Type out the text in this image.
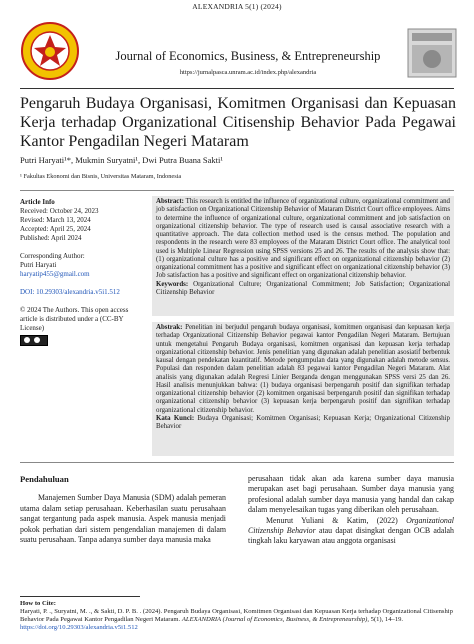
ALEXANDRIA 5(1) (2024)
Journal of Economics, Business, & Entrepreneurship
https://jurnalpasca.unram.ac.id/index.php/alexandria
Pengaruh Budaya Organisasi, Komitmen Organisasi dan Kepuasan Kerja terhadap Organizational Citisenship Behavior Pada Pegawai Kantor Pengadilan Negeri Mataram
Putri Haryati¹*, Mukmin Suryatni¹, Dwi Putra Buana Sakti¹
¹ Fakultas Ekonomi dan Bisnis, Universitas Mataram, Indonesia
Article Info
Received: October 24, 2023
Revised: March 13, 2024
Accepted: April 25, 2024
Published: April 2024
Corresponding Author:
Putri Haryati
haryatip455@gmail.com
DOI: 10.29303/alexandria.v5i1.512
© 2024 The Authors. This open access article is distributed under a (CC-BY License)
Abstract: This research is entitled the influence of organizational culture, organizational commitment and job satisfaction on Organizational Citizenship Behavior of Mataram District Court office employees. Aims to determine the influence of organizational culture, organizational commitment and job satisfaction on organizational citizenship behavior. The type of research used is causal associative research with a quantitative approach. The data collection method used is the census method. The population and respondents in the research were 83 employees of the Mataram District Court office. The analytical tool used is Multiple Linear Regression using SPSS versions 25 and 26. The results of the analysis show that: (1) organizational culture has a positive and significant effect on organizational citizenship behavior (2) organizational commitment has a positive and significant effect on organizational citizenship behavior (3) Job satisfaction has a positive and significant effect on organizational citizenship behavior.
Keywords: Organizational Culture; Organizational Commitment; Job Satisfaction; Organizational Citizenship Behavior
Abstrak: Penelitian ini berjudul pengaruh budaya organisasi, komitmen organisasi dan kepuasan kerja terhadap Organizational Citizenship Behavior pegawai kantor Pengadilan Negeri Mataram. Bertujuan untuk mengetahui Pengaruh Budaya organisasi, komitmen organisasi dan kepuasan kerja terhadap organizational citizenship behavior. Jenis penelitian yang digunakan adalah penelitian asosiatif berbentuk kausal dengan pendekatan kuantitatif. Metode pengumpulan data yang digunakan adalah metode sensus. Populasi dan responden dalam penelitian adalah 83 pegawai kantor Pengadilan Negeri Mataram. Alat analisis yang digunakan adalah Regresi Linier Berganda dengan menggunakan SPSS versi 25 dan 26. Hasil analisis menunjukkan bahwa: (1) budaya organisasi berpengaruh positif dan signifikan terhadap organizational citizenship behavior (2) komitmen organisasi berpengaruh positif dan signifikan terhadap organizational citizenship behavior (3) kepuasan kerja berpengaruh positif dan signifikan terhadap organizational citizenship behavior.
Kata Kunci: Budaya Organisasi; Komitmen Organisasi; Kepuasan Kerja; Organizational Citizenship Behavior
Pendahuluan
Manajemen Sumber Daya Manusia (SDM) adalah pemeran utama dalam setiap perusahaan. Keberhasilan suatu perusahaan sangat tergantung pada aspek manusia. Aspek manusia menjadi pokok perhatian dari sistem pengendalian manajemen di dalam suatu perusahaan. Tanpa adanya sumber daya manusia maka
perusahaan tidak akan ada karena sumber daya manusia merupakan aset bagi perusahaan. Sumber daya manusia yang profesional adalah sumber daya manusia yang handal dan cakap dalam menyelesaikan tugas yang diberikan oleh perusahaan.
Menurut Yuliani & Katim, (2022) Organizational Citizenship Behavior atau dapat disingkat dengan OCB adalah tingkah laku karyawan atau anggota organisasi
How to Cite:
Haryati, P. ., Suryatni, M. ., & Sakti, D. P. B. . (2024). Pengaruh Budaya Organisasi, Komitmen Organisasi dan Kepuasan Kerja terhadap Organizational Citisenship Behavior Pada Pegawai Kantor Pengadilan Negeri Mataram. ALEXANDRIA (Journal of Economics, Business, & Entrepreneurship), 5(1), 14–19. https://doi.org/10.29303/alexandria.v5i1.512
